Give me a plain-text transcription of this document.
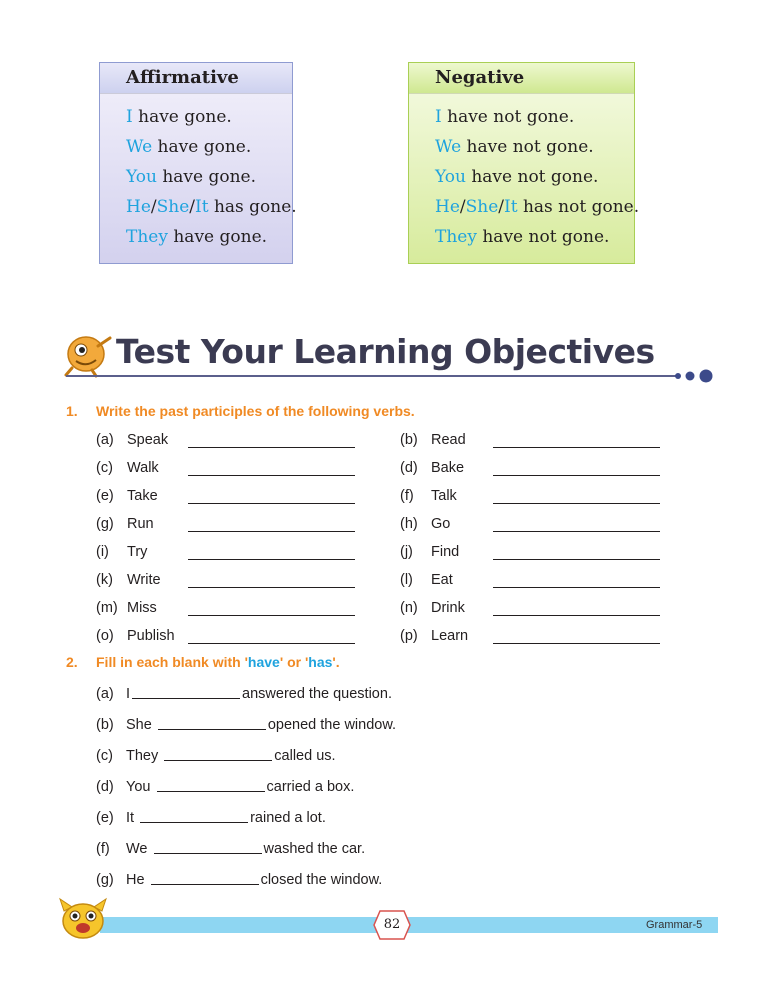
Affirmative
I have gone.
We have gone.
You have gone.
He/She/It has gone.
They have gone.
Negative
I have not gone.
We have not gone.
You have not gone.
He/She/It has not gone.
They have not gone.
Test Your Learning Objectives
1. Write the past participles of the following verbs.
(a) Speak
(c) Walk
(e) Take
(g) Run
(i) Try
(k) Write
(m) Miss
(o) Publish
(b) Read
(d) Bake
(f) Talk
(h) Go
(j) Find
(l) Eat
(n) Drink
(p) Learn
2. Fill in each blank with 'have' or 'has'.
(a) I	answered the question.
(b) She	opened the window.
(c) They	called us.
(d) You	carried a box.
(e) It	rained a lot.
(f) We	washed the car.
(g) He	closed the window.
82	Grammar-5
